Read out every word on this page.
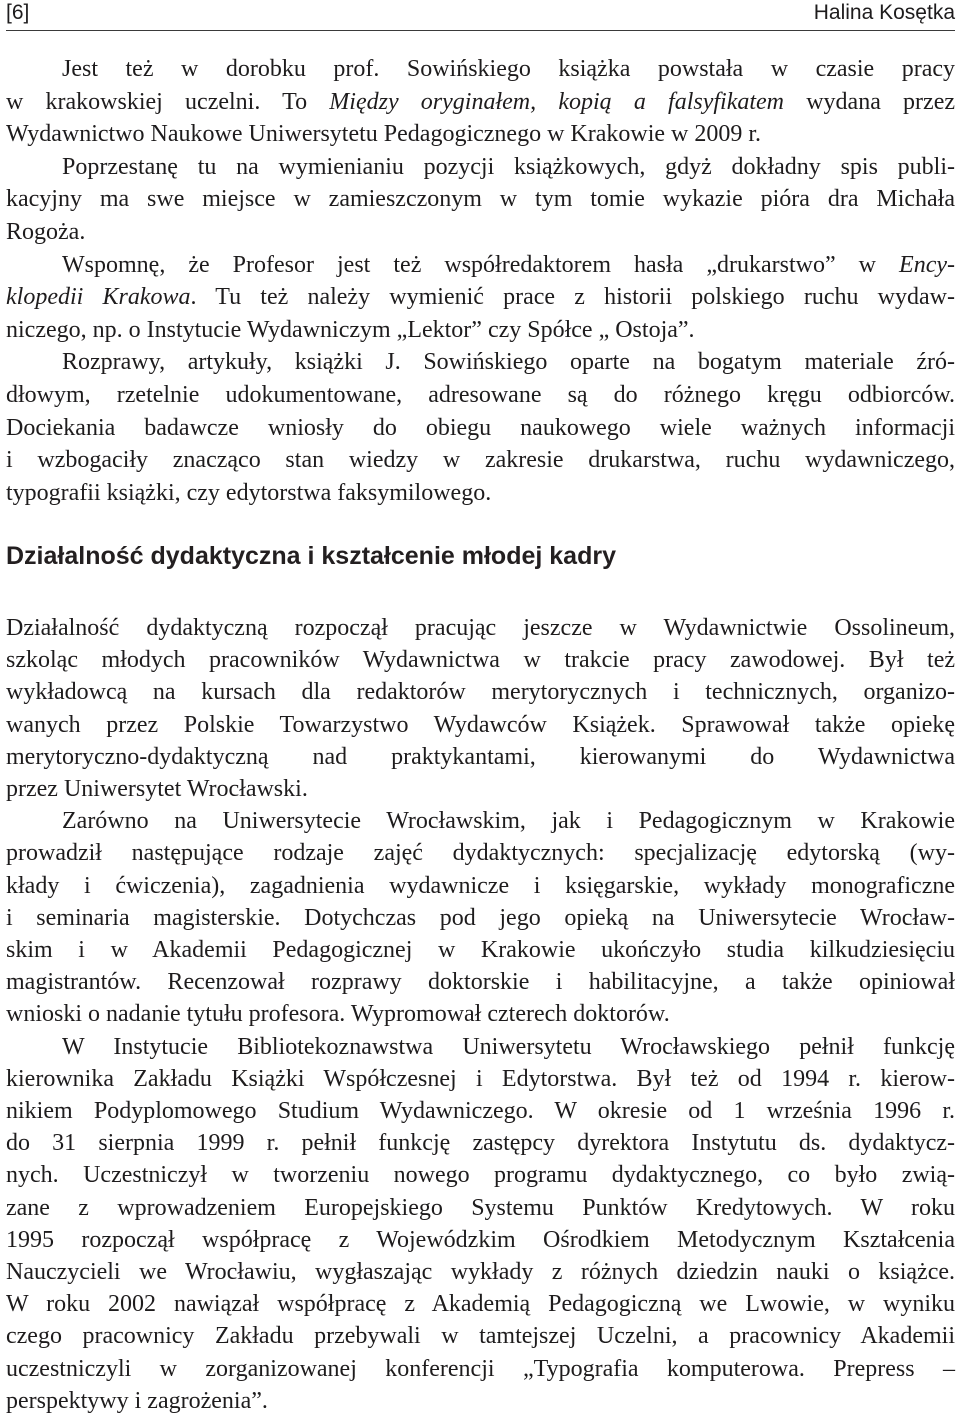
[6]	Halina Kosętka
Jest też w dorobku prof. Sowińskiego książka powstała w czasie pracy
w krakowskiej uczelni. To Między oryginałem, kopią a falsyfikatem wydana przez
Wydawnictwo Naukowe Uniwersytetu Pedagogicznego w Krakowie w 2009 r.
Poprzestanę tu na wymienianiu pozycji książkowych, gdyż dokładny spis publi-
kacyjny ma swe miejsce w zamieszczonym w tym tomie wykazie pióra dra Michała
Rogoża.
Wspomnę, że Profesor jest też współredaktorem hasła „drukarstwo” w Ency-
klopedii Krakowa. Tu też należy wymienić prace z historii polskiego ruchu wydaw-
niczego, np. o Instytucie Wydawniczym „Lektor” czy Spółce „ Ostoja”.
Rozprawy, artykuły, książki J. Sowińskiego oparte na bogatym materiale źró-
dłowym, rzetelnie udokumentowane, adresowane są do różnego kręgu odbiorców.
Dociekania badawcze wniosły do obiegu naukowego wiele ważnych informacji
i wzbogaciły znacząco stan wiedzy w zakresie drukarstwa, ruchu wydawniczego,
typografii książki, czy edytorstwa faksymilowego.
Działalność dydaktyczna i kształcenie młodej kadry
Działalność dydaktyczną rozpoczął pracując jeszcze w Wydawnictwie Ossolineum,
szkoląc młodych pracowników Wydawnictwa w trakcie pracy zawodowej. Był też
wykładowcą na kursach dla redaktorów merytorycznych i technicznych, organizo-
wanych przez Polskie Towarzystwo Wydawców Książek. Sprawował także opiekę
merytoryczno-dydaktyczną nad praktykantami, kierowanymi do Wydawnictwa
przez Uniwersytet Wrocławski.
Zarówno na Uniwersytecie Wrocławskim, jak i Pedagogicznym w Krakowie
prowadził następujące rodzaje zajęć dydaktycznych: specjalizację edytorską (wy-
kłady i ćwiczenia), zagadnienia wydawnicze i księgarskie, wykłady monograficzne
i seminaria magisterskie. Dotychczas pod jego opieką na Uniwersytecie Wrocław-
skim i w Akademii Pedagogicznej w Krakowie ukończyło studia kilkudziesięciu
magistrantów. Recenzował rozprawy doktorskie i habilitacyjne, a także opiniował
wnioski o nadanie tytułu profesora. Wypromował czterech doktorów.
W Instytucie Bibliotekoznawstwa Uniwersytetu Wrocławskiego pełnił funkcję
kierownika Zakładu Książki Współczesnej i Edytorstwa. Był też od 1994 r. kierow-
nikiem Podyplomowego Studium Wydawniczego. W okresie od 1 września 1996 r.
do 31 sierpnia 1999 r. pełnił funkcję zastępcy dyrektora Instytutu ds. dydaktycz-
nych. Uczestniczył w tworzeniu nowego programu dydaktycznego, co było zwią-
zane z wprowadzeniem Europejskiego Systemu Punktów Kredytowych. W roku
1995 rozpoczął współpracę z Wojewódzkim Ośrodkiem Metodycznym Kształcenia
Nauczycieli we Wrocławiu, wygłaszając wykłady z różnych dziedzin nauki o książce.
W roku 2002 nawiązał współpracę z Akademią Pedagogiczną we Lwowie, w wyniku
czego pracownicy Zakładu przebywali w tamtejszej Uczelni, a pracownicy Akademii
uczestniczyli w zorganizowanej konferencji „Typografia komputerowa. Prepress –
perspektywy i zagrożenia”.
